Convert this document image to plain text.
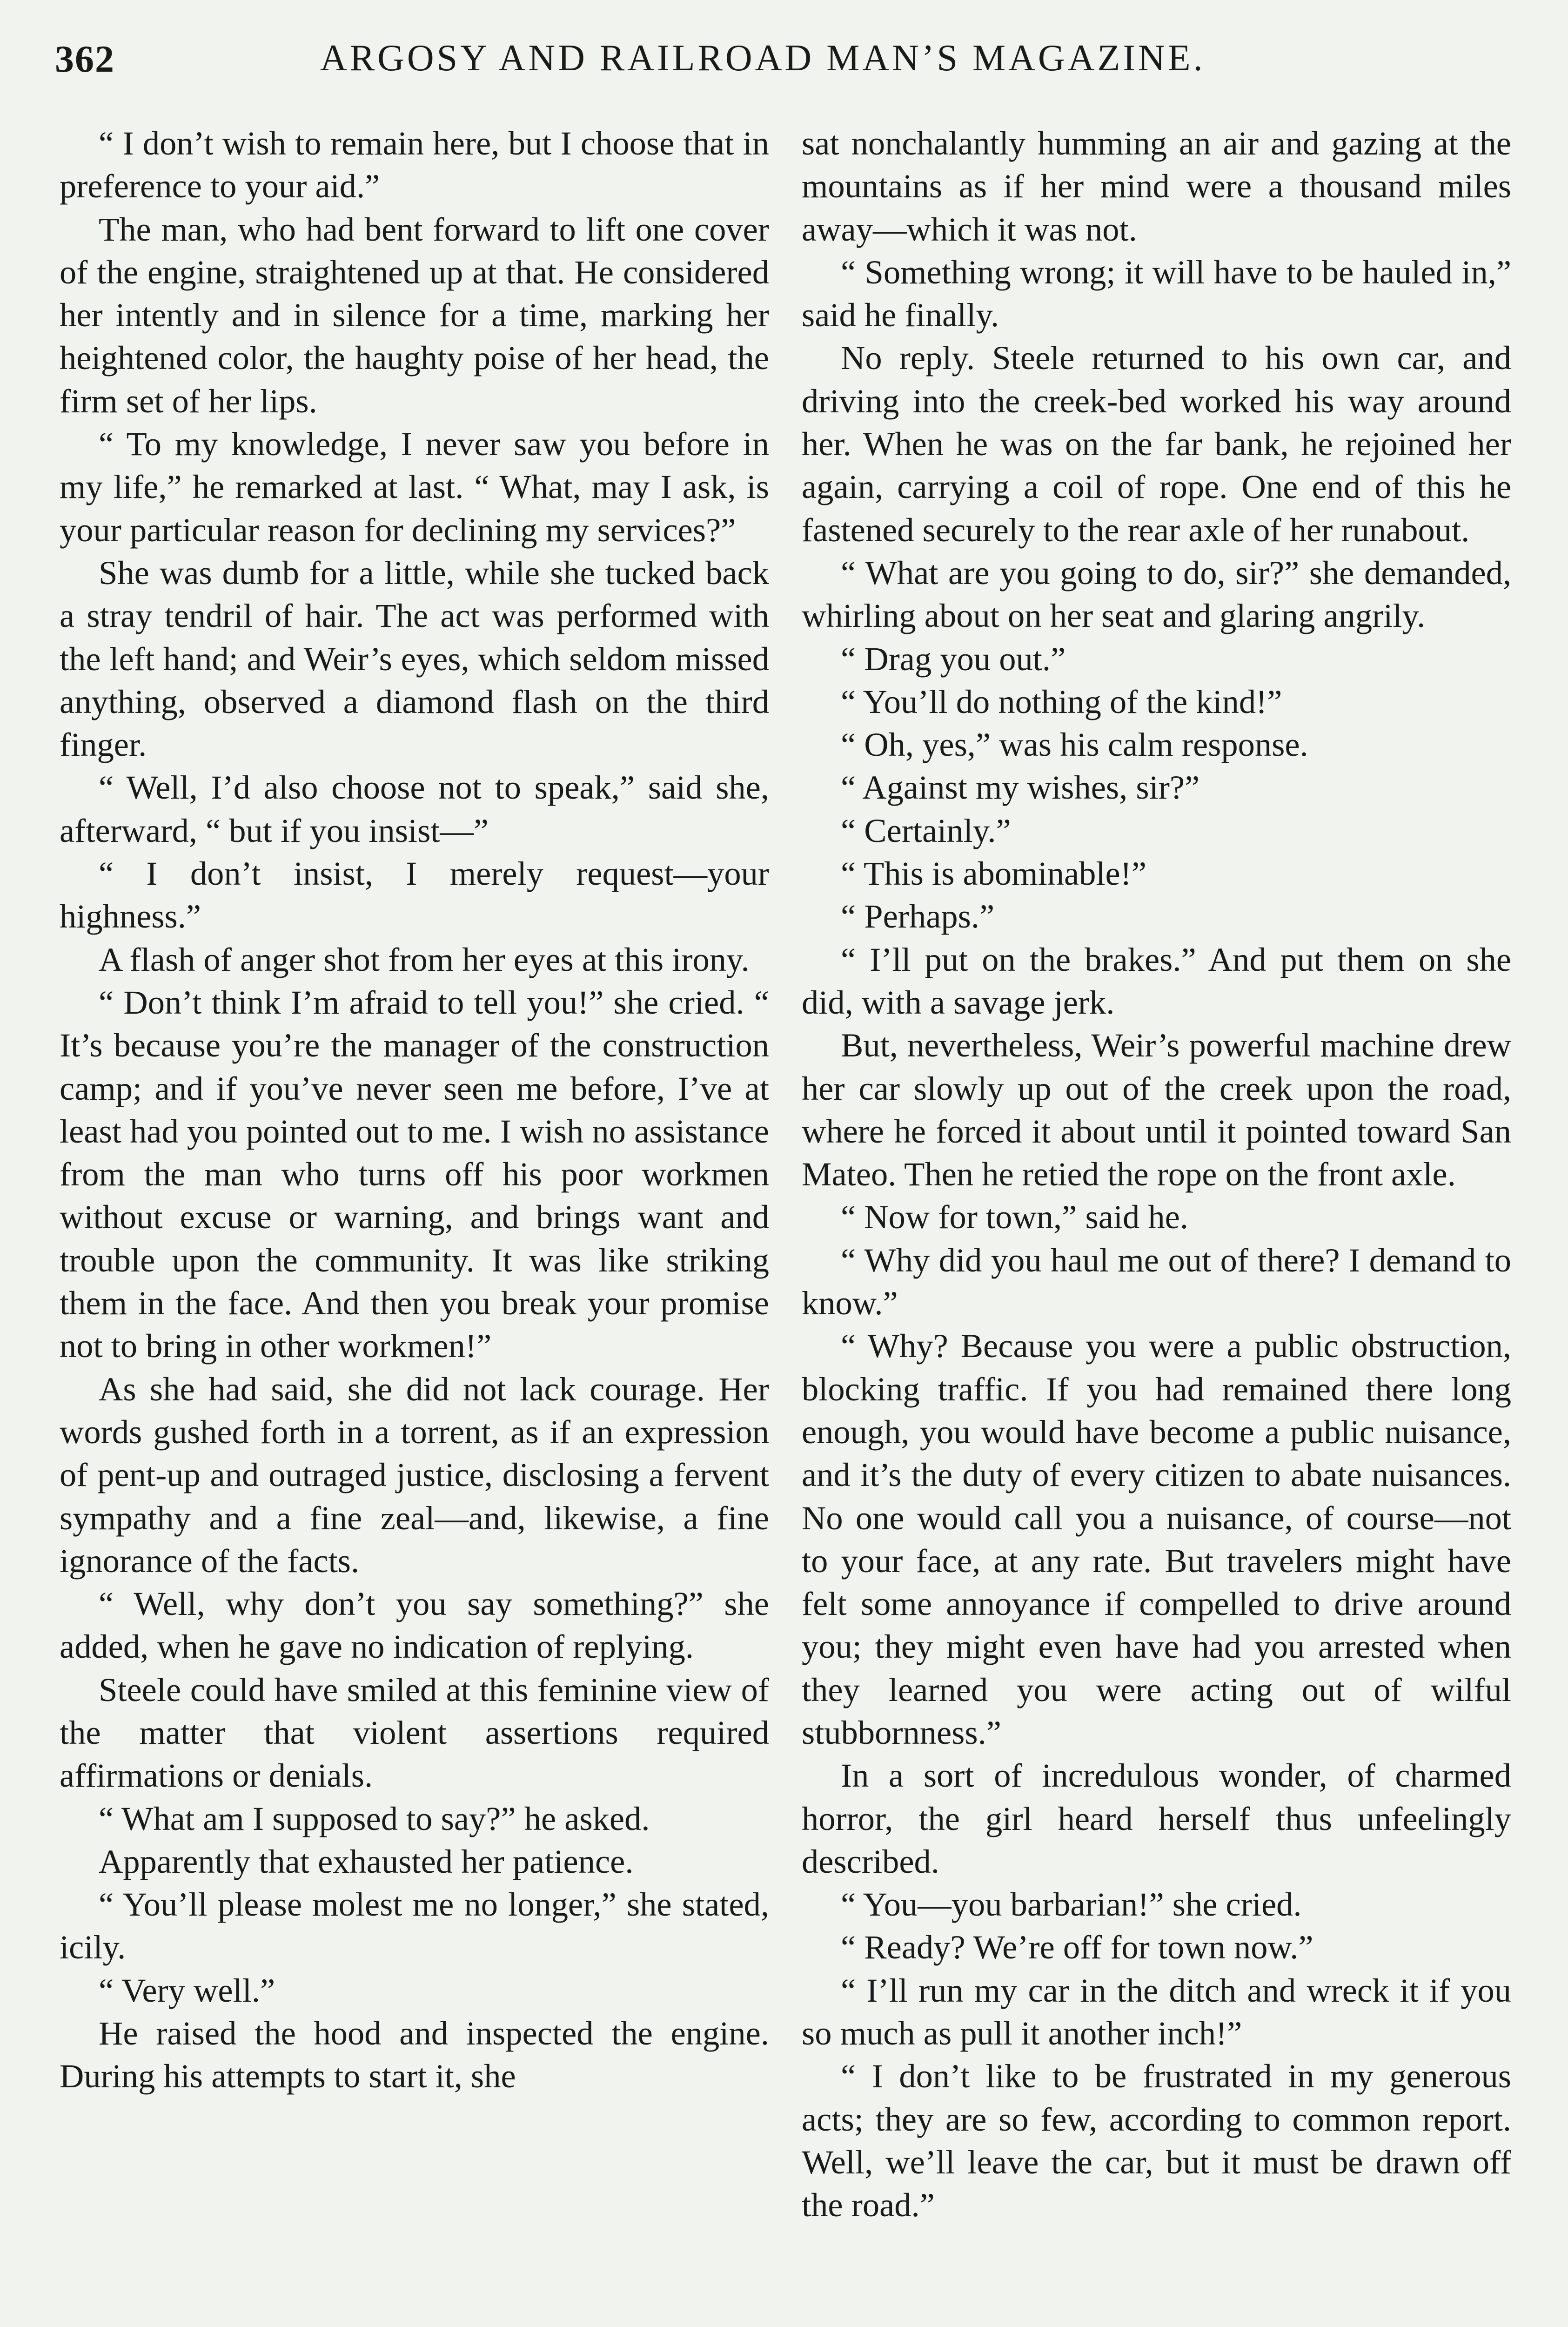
362	ARGOSY AND RAILROAD MAN’S MAGAZINE.

“ I don’t wish to remain here, but I choose that in preference to your aid.”

The man, who had bent forward to lift one cover of the engine, straightened up at that. He considered her intently and in silence for a time, marking her heightened color, the haughty poise of her head, the firm set of her lips.

“ To my knowledge, I never saw you before in my life,” he remarked at last. “ What, may I ask, is your particular reason for declining my services?”

She was dumb for a little, while she tucked back a stray tendril of hair. The act was performed with the left hand; and Weir’s eyes, which seldom missed anything, observed a diamond flash on the third finger.

“ Well, I’d also choose not to speak,” said she, afterward, “ but if you insist—”

“ I don’t insist, I merely request—your highness.”

A flash of anger shot from her eyes at this irony.

“ Don’t think I’m afraid to tell you!” she cried. “ It’s because you’re the manager of the construction camp; and if you’ve never seen me before, I’ve at least had you pointed out to me. I wish no assistance from the man who turns off his poor workmen without excuse or warning, and brings want and trouble upon the community. It was like striking them in the face. And then you break your promise not to bring in other workmen!”

As she had said, she did not lack courage. Her words gushed forth in a torrent, as if an expression of pent-up and outraged justice, disclosing a fervent sympathy and a fine zeal—and, likewise, a fine ignorance of the facts.

“ Well, why don’t you say something?” she added, when he gave no indication of replying.

Steele could have smiled at this feminine view of the matter that violent assertions required affirmations or denials.

“ What am I supposed to say?” he asked.

Apparently that exhausted her patience.

“ You’ll please molest me no longer,” she stated, icily.

“ Very well.”

He raised the hood and inspected the engine. During his attempts to start it, she

sat nonchalantly humming an air and gazing at the mountains as if her mind were a thousand miles away—which it was not.

“ Something wrong; it will have to be hauled in,” said he finally.

No reply. Steele returned to his own car, and driving into the creek-bed worked his way around her. When he was on the far bank, he rejoined her again, carrying a coil of rope. One end of this he fastened securely to the rear axle of her runabout.

“ What are you going to do, sir?” she demanded, whirling about on her seat and glaring angrily.

“ Drag you out.”

“ You’ll do nothing of the kind!”

“ Oh, yes,” was his calm response.

“ Against my wishes, sir?”

“ Certainly.”

“ This is abominable!”

“ Perhaps.”

“ I’ll put on the brakes.” And put them on she did, with a savage jerk.

But, nevertheless, Weir’s powerful machine drew her car slowly up out of the creek upon the road, where he forced it about until it pointed toward San Mateo. Then he retied the rope on the front axle.

“ Now for town,” said he.

“ Why did you haul me out of there? I demand to know.”

“ Why? Because you were a public obstruction, blocking traffic. If you had remained there long enough, you would have become a public nuisance, and it’s the duty of every citizen to abate nuisances. No one would call you a nuisance, of course—not to your face, at any rate. But travelers might have felt some annoyance if compelled to drive around you; they might even have had you arrested when they learned you were acting out of wilful stubbornness.”

In a sort of incredulous wonder, of charmed horror, the girl heard herself thus unfeelingly described.

“ You—you barbarian!” she cried.

“ Ready? We’re off for town now.”

“ I’ll run my car in the ditch and wreck it if you so much as pull it another inch!”

“ I don’t like to be frustrated in my generous acts; they are so few, according to common report. Well, we’ll leave the car, but it must be drawn off the road.”
